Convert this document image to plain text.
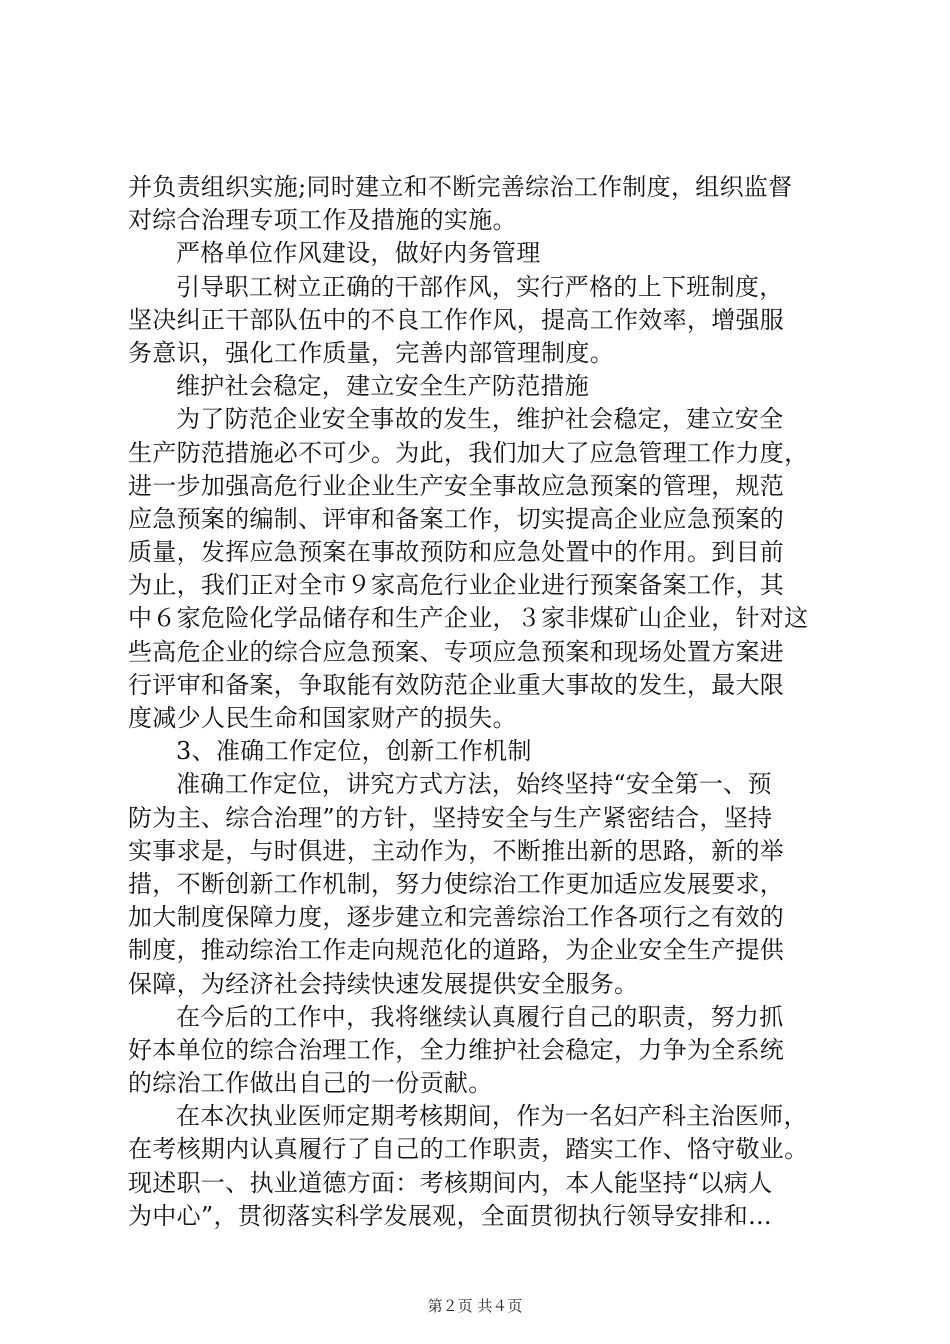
并负责组织实施;同时建立和不断完善综治工作制度，组织监督
对综合治理专项工作及措施的实施。
严格单位作风建设，做好内务管理
引导职工树立正确的干部作风，实行严格的上下班制度，
坚决纠正干部队伍中的不良工作作风，提高工作效率，增强服
务意识，强化工作质量，完善内部管理制度。
维护社会稳定，建立安全生产防范措施
为了防范企业安全事故的发生，维护社会稳定，建立安全
生产防范措施必不可少。为此，我们加大了应急管理工作力度，
进一步加强高危行业企业生产安全事故应急预案的管理，规范
应急预案的编制、评审和备案工作，切实提高企业应急预案的
质量，发挥应急预案在事故预防和应急处置中的作用。到目前
为止，我们正对全市９家高危行业企业进行预案备案工作，其
中６家危险化学品储存和生产企业，３家非煤矿山企业，针对这
些高危企业的综合应急预案、专项应急预案和现场处置方案进
行评审和备案，争取能有效防范企业重大事故的发生，最大限
度减少人民生命和国家财产的损失。
3、准确工作定位，创新工作机制
准确工作定位，讲究方式方法，始终坚持“安全第一、预
防为主、综合治理”的方针，坚持安全与生产紧密结合，坚持
实事求是，与时俱进，主动作为，不断推出新的思路，新的举
措，不断创新工作机制，努力使综治工作更加适应发展要求，
加大制度保障力度，逐步建立和完善综治工作各项行之有效的
制度，推动综治工作走向规范化的道路，为企业安全生产提供
保障，为经济社会持续快速发展提供安全服务。
在今后的工作中，我将继续认真履行自己的职责，努力抓
好本单位的综合治理工作，全力维护社会稳定，力争为全系统
的综治工作做出自己的一份贡献。
在本次执业医师定期考核期间，作为一名妇产科主治医师，
在考核期内认真履行了自己的工作职责，踏实工作、恪守敬业。
现述职一、执业道德方面：考核期间内，本人能坚持“以病人
为中心”，贯彻落实科学发展观，全面贯彻执行领导安排和...
第２页 共４页
